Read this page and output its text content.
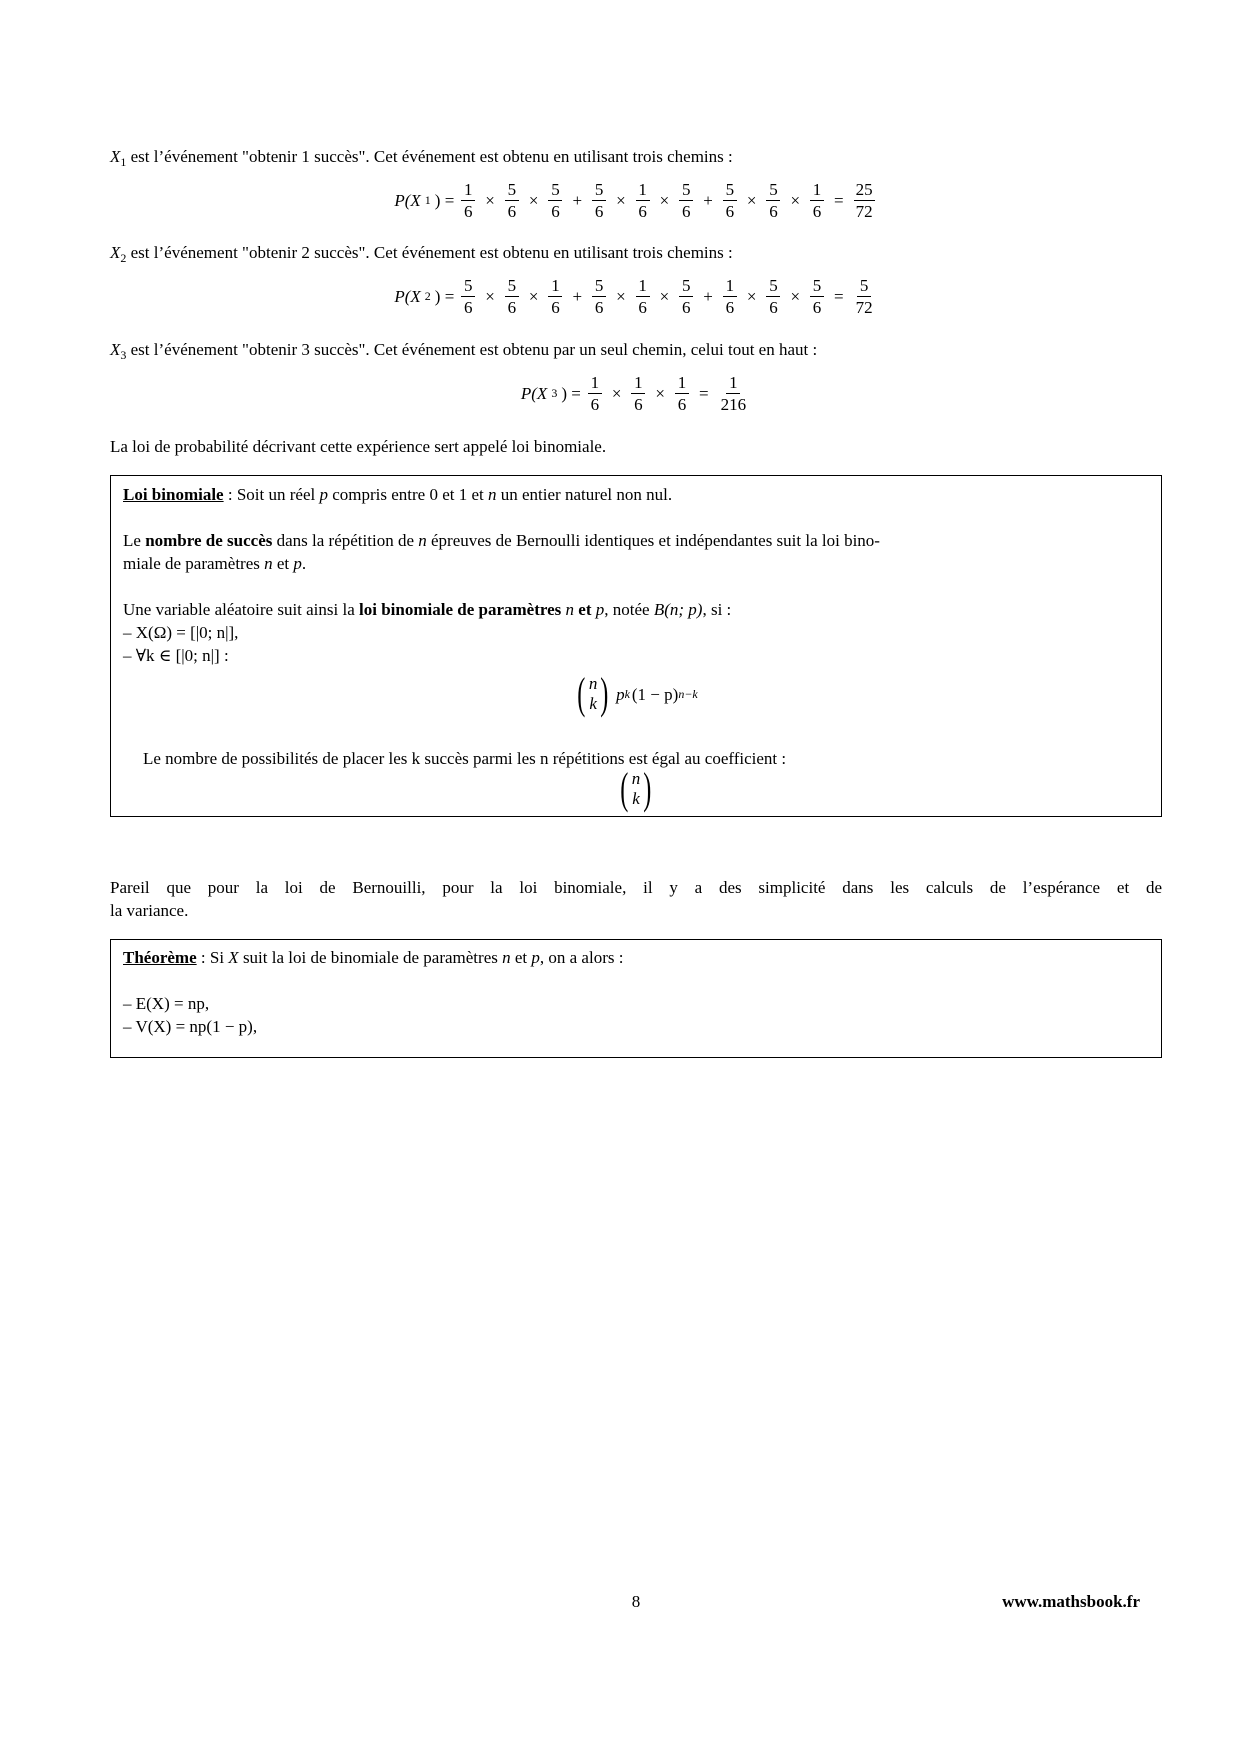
$X_1$ est l’événement "obtenir 1 succès". Cet événement est obtenu en utilisant trois chemins :
P(X 1 ) = $\frac{1}{6} \times \frac{5}{6} \times \frac{5}{6} + \frac{5}{6} \times \frac{1}{6} \times \frac{5}{6} + \frac{5}{6} \times \frac{5}{6} \times \frac{1}{6} = \frac{25}{72}$
$X_2$ est l’événement "obtenir 2 succès". Cet événement est obtenu en utilisant trois chemins :
P(X 2 ) = $\frac{5}{6} \times \frac{5}{6} \times \frac{1}{6} + \frac{5}{6} \times \frac{1}{6} \times \frac{5}{6} + \frac{1}{6} \times \frac{5}{6} \times \frac{5}{6} = \frac{5}{72}$
$X_3$ est l’événement "obtenir 3 succès". Cet événement est obtenu par un seul chemin, celui tout en haut :
P(X 3 ) = $\frac{1}{6} \times \frac{1}{6} \times \frac{1}{6} = \frac{1}{216}$
La loi de probabilité décrivant cette expérience sert appelé loi binomiale.
Loi binomiale : Soit un réel p compris entre 0 et 1 et n un entier naturel non nul.
Le nombre de succès dans la répétition de n épreuves de Bernoulli identiques et indépendantes suit la loi bino-
miale de paramètres n et p.
Une variable aléatoire suit ainsi la loi binomiale de paramètres n et p, notée B(n; p), si :
– X(Ω) = [|0; n|],
– ∀k ∈ [|0; n|] :
( n
k ) p k (1 − p) n−k
Le nombre de possibilités de placer les k succès parmi les n répétitions est égal au coefficient :
( n
k )
Pareil que pour la loi de Bernouilli, pour la loi binomiale, il y a des simplicité dans les calculs de l’espérance et de
la variance.
Théorème : Si X suit la loi de binomiale de paramètres n et p, on a alors :
– E(X) = np,
– V(X) = np(1 − p),
8	www.mathsbook.fr
